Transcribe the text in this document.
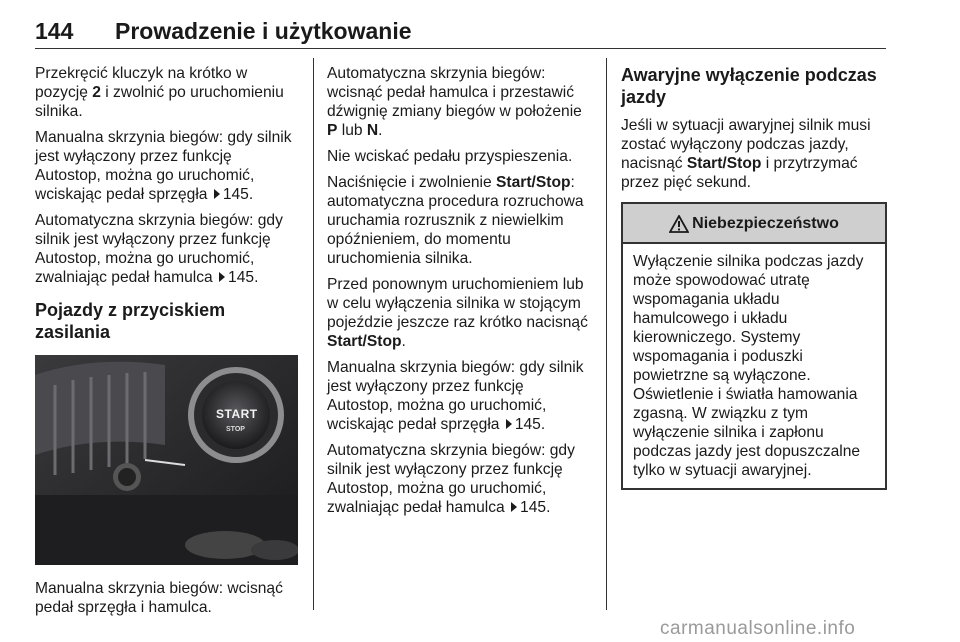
144 Prowadzenie i użytkowanie

Przekręcić kluczyk na krótko w pozycję 2 i zwolnić po uruchomieniu silnika.

Manualna skrzynia biegów: gdy silnik jest wyłączony przez funkcję Autostop, można go uruchomić, wciskając pedał sprzęgła 145.

Automatyczna skrzynia biegów: gdy silnik jest wyłączony przez funkcję Autostop, można go uruchomić, zwalniając pedał hamulca 145.

Pojazdy z przyciskiem zasilania
START
STOP

Manualna skrzynia biegów: wcisnąć pedał sprzęgła i hamulca.

Automatyczna skrzynia biegów: wcisnąć pedał hamulca i przestawić dźwignię zmiany biegów w położenie P lub N.

Nie wciskać pedału przyspieszenia.

Naciśnięcie i zwolnienie Start/Stop: automatyczna procedura rozruchowa uruchamia rozrusznik z niewielkim opóźnieniem, do momentu uruchomienia silnika.

Przed ponownym uruchomieniem lub w celu wyłączenia silnika w stojącym pojeździe jeszcze raz krótko nacisnąć Start/Stop.

Manualna skrzynia biegów: gdy silnik jest wyłączony przez funkcję Autostop, można go uruchomić, wciskając pedał sprzęgła 145.

Automatyczna skrzynia biegów: gdy silnik jest wyłączony przez funkcję Autostop, można go uruchomić, zwalniając pedał hamulca 145.

Awaryjne wyłączenie podczas jazdy

Jeśli w sytuacji awaryjnej silnik musi zostać wyłączony podczas jazdy, nacisnąć Start/Stop i przytrzymać przez pięć sekund.

Niebezpieczeństwo
Wyłączenie silnika podczas jazdy może spowodować utratę wspomagania układu hamulcowego i układu kierowniczego. Systemy wspomagania i poduszki powietrzne są wyłączone. Oświetlenie i światła hamowania zgasną. W związku z tym wyłączenie silnika i zapłonu podczas jazdy jest dopuszczalne tylko w sytuacji awaryjnej.
carmanualsonline.info
